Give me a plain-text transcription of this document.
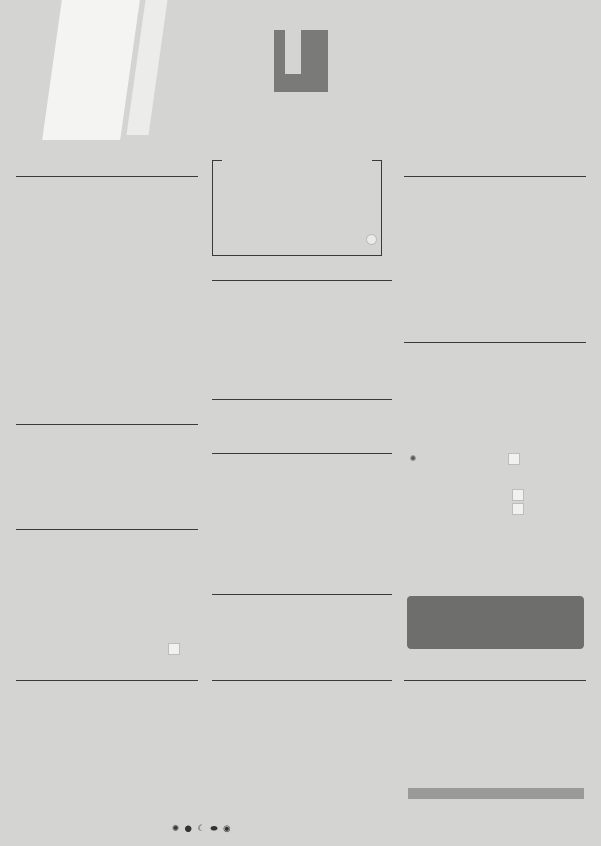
✺

✺  ●  ☾  ⬬  ◉
